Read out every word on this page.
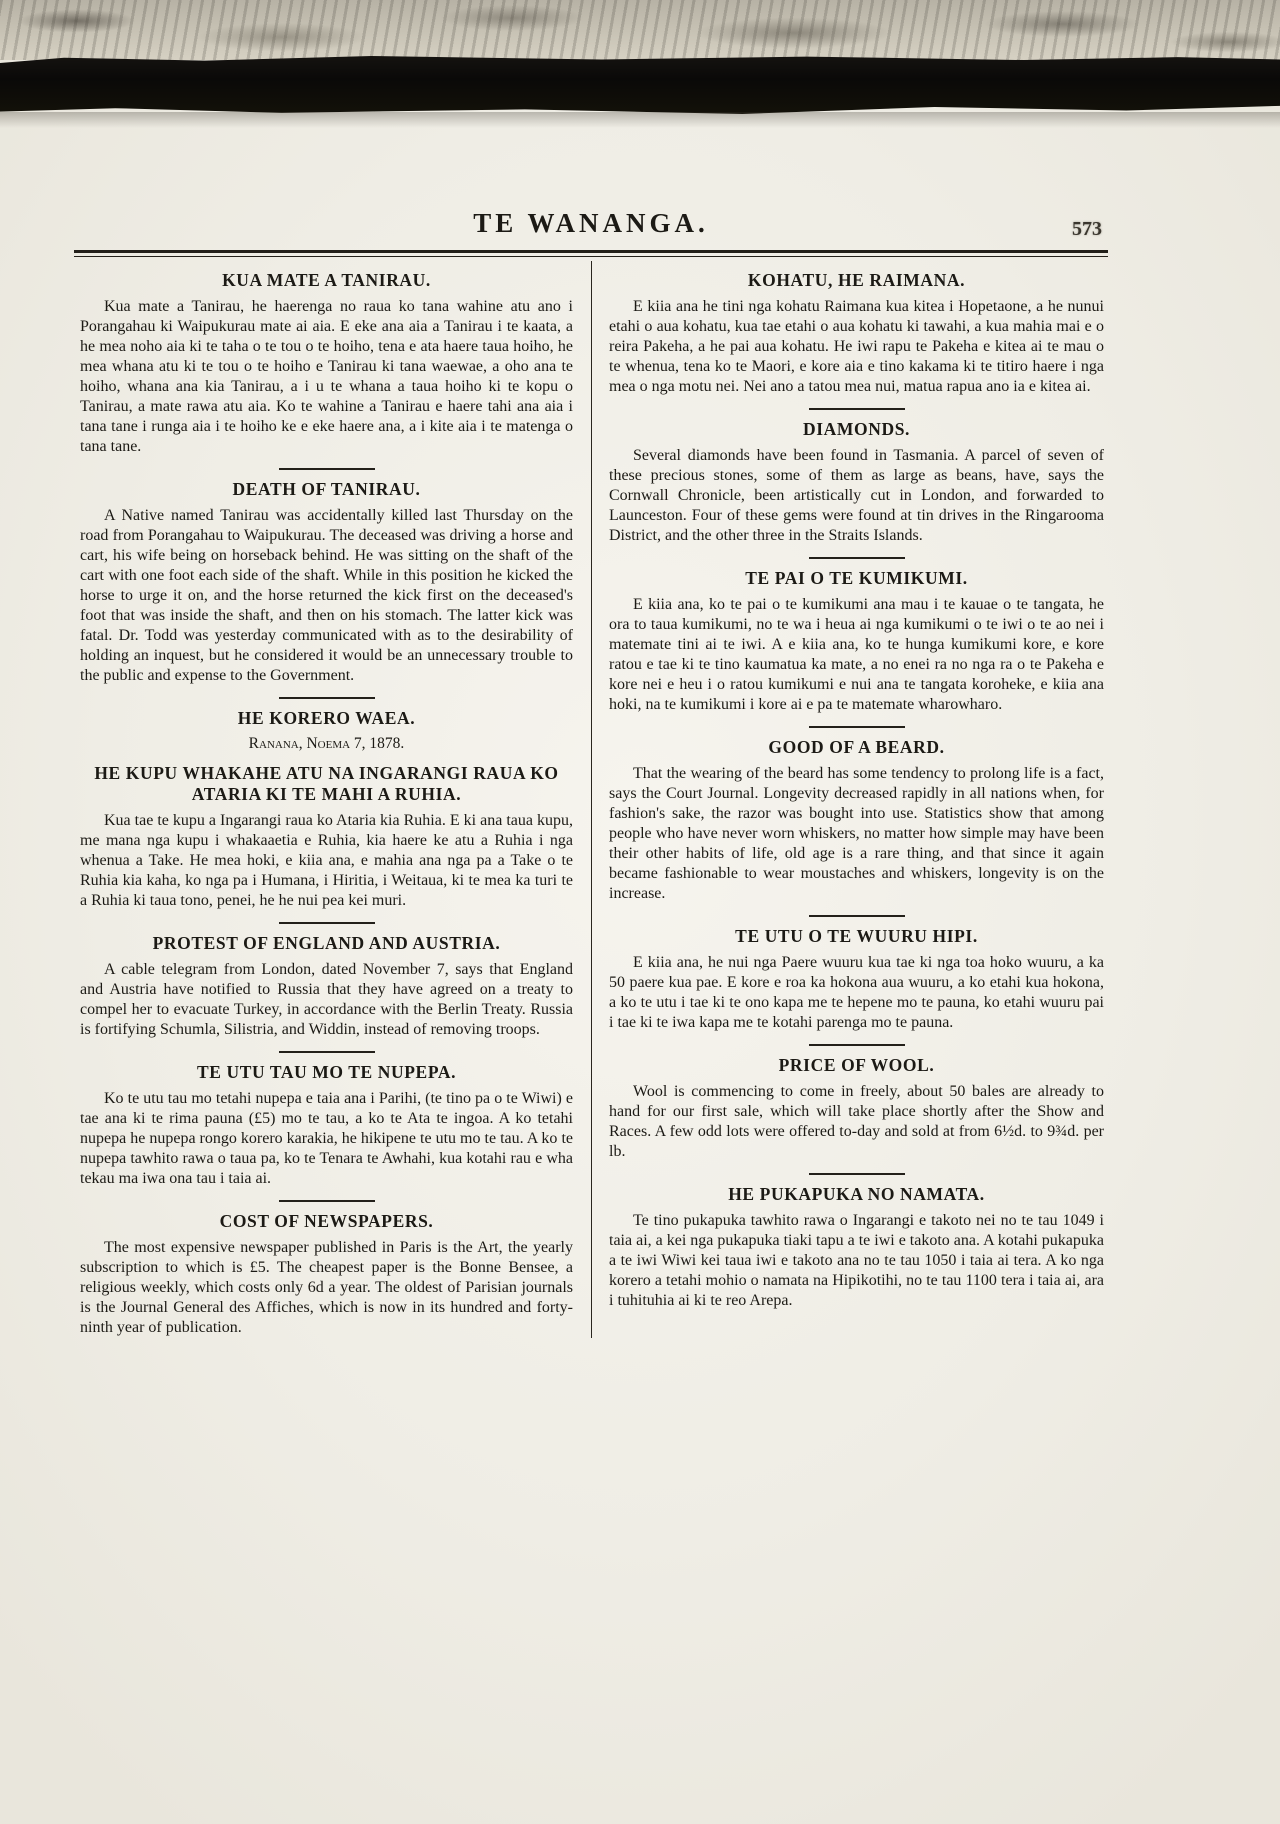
TE WANANGA.	573
KUA MATE A TANIRAU.

Kua mate a Tanirau, he haerenga no raua ko tana wahine atu ano i Porangahau ki Waipukurau mate ai aia. E eke ana aia a Tanirau i te kaata, a he mea noho aia ki te taha o te tou o te hoiho, tena e ata haere taua hoiho, he mea whana atu ki te tou o te hoiho e Tanirau ki tana waewae, a oho ana te hoiho, whana ana kia Tanirau, a i u te whana a taua hoiho ki te kopu o Tanirau, a mate rawa atu aia. Ko te wahine a Tanirau e haere tahi ana aia i tana tane i runga aia i te hoiho ke e eke haere ana, a i kite aia i te matenga o tana tane.

DEATH OF TANIRAU.

A Native named Tanirau was accidentally killed last Thursday on the road from Porangahau to Waipukurau. The deceased was driving a horse and cart, his wife being on horseback behind. He was sitting on the shaft of the cart with one foot each side of the shaft. While in this position he kicked the horse to urge it on, and the horse returned the kick first on the deceased's foot that was inside the shaft, and then on his stomach. The latter kick was fatal. Dr. Todd was yesterday communicated with as to the desirability of holding an inquest, but he considered it would be an unnecessary trouble to the public and expense to the Government.

HE KORERO WAEA.
Ranana, Noema 7, 1878.
HE KUPU WHAKAHE ATU NA INGARANGI RAUA KO ATARIA KI TE MAHI A RUHIA.

Kua tae te kupu a Ingarangi raua ko Ataria kia Ruhia. E ki ana taua kupu, me mana nga kupu i whakaaetia e Ruhia, kia haere ke atu a Ruhia i nga whenua a Take. He mea hoki, e kiia ana, e mahia ana nga pa a Take o te Ruhia kia kaha, ko nga pa i Humana, i Hiritia, i Weitaua, ki te mea ka turi te a Ruhia ki taua tono, penei, he he nui pea kei muri.

PROTEST OF ENGLAND AND AUSTRIA.

A cable telegram from London, dated November 7, says that England and Austria have notified to Russia that they have agreed on a treaty to compel her to evacuate Turkey, in accordance with the Berlin Treaty. Russia is fortifying Schumla, Silistria, and Widdin, instead of removing troops.

TE UTU TAU MO TE NUPEPA.

Ko te utu tau mo tetahi nupepa e taia ana i Parihi, (te tino pa o te Wiwi) e tae ana ki te rima pauna (£5) mo te tau, a ko te Ata te ingoa. A ko tetahi nupepa he nupepa rongo korero karakia, he hikipene te utu mo te tau. A ko te nupepa tawhito rawa o taua pa, ko te Tenara te Awhahi, kua kotahi rau e wha tekau ma iwa ona tau i taia ai.

COST OF NEWSPAPERS.

The most expensive newspaper published in Paris is the Art, the yearly subscription to which is £5. The cheapest paper is the Bonne Bensee, a religious weekly, which costs only 6d a year. The oldest of Parisian journals is the Journal General des Affiches, which is now in its hundred and forty-ninth year of publication.

KOHATU, HE RAIMANA.

E kiia ana he tini nga kohatu Raimana kua kitea i Hopetaone, a he nunui etahi o aua kohatu, kua tae etahi o aua kohatu ki tawahi, a kua mahia mai e o reira Pakeha, a he pai aua kohatu. He iwi rapu te Pakeha e kitea ai te mau o te whenua, tena ko te Maori, e kore aia e tino kakama ki te titiro haere i nga mea o nga motu nei. Nei ano a tatou mea nui, matua rapua ano ia e kitea ai.

DIAMONDS.

Several diamonds have been found in Tasmania. A parcel of seven of these precious stones, some of them as large as beans, have, says the Cornwall Chronicle, been artistically cut in London, and forwarded to Launceston. Four of these gems were found at tin drives in the Ringarooma District, and the other three in the Straits Islands.

TE PAI O TE KUMIKUMI.

E kiia ana, ko te pai o te kumikumi ana mau i te kauae o te tangata, he ora to taua kumikumi, no te wa i heua ai nga kumikumi o te iwi o te ao nei i matemate tini ai te iwi. A e kiia ana, ko te hunga kumikumi kore, e kore ratou e tae ki te tino kaumatua ka mate, a no enei ra no nga ra o te Pakeha e kore nei e heu i o ratou kumikumi e nui ana te tangata koroheke, e kiia ana hoki, na te kumikumi i kore ai e pa te matemate wharowharo.

GOOD OF A BEARD.

That the wearing of the beard has some tendency to prolong life is a fact, says the Court Journal. Longevity decreased rapidly in all nations when, for fashion's sake, the razor was bought into use. Statistics show that among people who have never worn whiskers, no matter how simple may have been their other habits of life, old age is a rare thing, and that since it again became fashionable to wear moustaches and whiskers, longevity is on the increase.

TE UTU O TE WUURU HIPI.

E kiia ana, he nui nga Paere wuuru kua tae ki nga toa hoko wuuru, a ka 50 paere kua pae. E kore e roa ka hokona aua wuuru, a ko etahi kua hokona, a ko te utu i tae ki te ono kapa me te hepene mo te pauna, ko etahi wuuru pai i tae ki te iwa kapa me te kotahi parenga mo te pauna.

PRICE OF WOOL.

Wool is commencing to come in freely, about 50 bales are already to hand for our first sale, which will take place shortly after the Show and Races. A few odd lots were offered to-day and sold at from 6½d. to 9¾d. per lb.

HE PUKAPUKA NO NAMATA.

Te tino pukapuka tawhito rawa o Ingarangi e takoto nei no te tau 1049 i taia ai, a kei nga pukapuka tiaki tapu a te iwi e takoto ana. A kotahi pukapuka a te iwi Wiwi kei taua iwi e takoto ana no te tau 1050 i taia ai tera. A ko nga korero a tetahi mohio o namata na Hipikotihi, no te tau 1100 tera i taia ai, ara i tuhituhia ai ki te reo Arepa.
